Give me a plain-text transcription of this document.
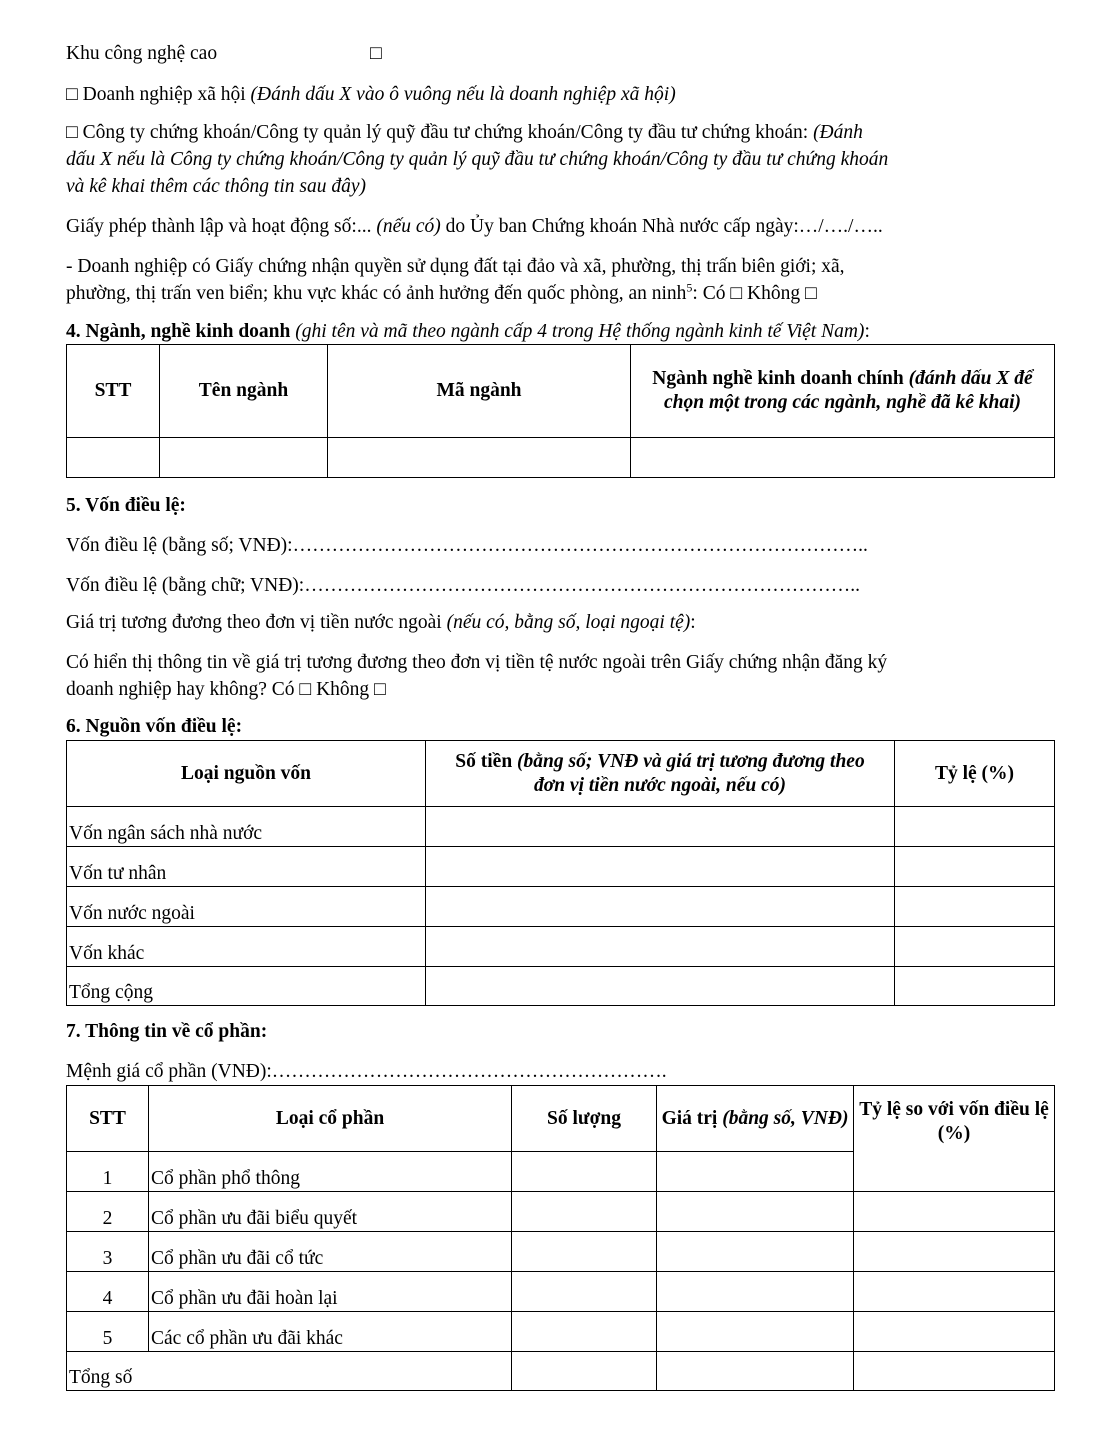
Khu công nghệ cao	□

□ Doanh nghiệp xã hội (Đánh dấu X vào ô vuông nếu là doanh nghiệp xã hội)

□ Công ty chứng khoán/Công ty quản lý quỹ đầu tư chứng khoán/Công ty đầu tư chứng khoán: (Đánh

dấu X nếu là Công ty chứng khoán/Công ty quản lý quỹ đầu tư chứng khoán/Công ty đầu tư chứng khoán

và kê khai thêm các thông tin sau đây)

Giấy phép thành lập và hoạt động số:... (nếu có) do Ủy ban Chứng khoán Nhà nước cấp ngày:…/…./…..

- Doanh nghiệp có Giấy chứng nhận quyền sử dụng đất tại đảo và xã, phường, thị trấn biên giới; xã,

phường, thị trấn ven biển; khu vực khác có ảnh hưởng đến quốc phòng, an ninh$^5$: Có □ Không □

4. Ngành, nghề kinh doanh (ghi tên và mã theo ngành cấp 4 trong Hệ thống ngành kinh tế Việt Nam):

STT	Tên ngành	Mã ngành	Ngành nghề kinh doanh chính (đánh dấu X để chọn một trong các ngành, nghề đã kê khai)

5. Vốn điều lệ:

Vốn điều lệ (bằng số; VNĐ):……………………………………………………………………………..

Vốn điều lệ (bằng chữ; VNĐ):…………………………………………………………………………..

Giá trị tương đương theo đơn vị tiền nước ngoài (nếu có, bằng số, loại ngoại tệ):

Có hiển thị thông tin về giá trị tương đương theo đơn vị tiền tệ nước ngoài trên Giấy chứng nhận đăng ký

doanh nghiệp hay không? Có □ Không □

6. Nguồn vốn điều lệ:

Loại nguồn vốn	Số tiền (bằng số; VNĐ và giá trị tương đương theo đơn vị tiền nước ngoài, nếu có)	Tỷ lệ (%)
Vốn ngân sách nhà nước		
Vốn tư nhân		
Vốn nước ngoài		
Vốn khác		
Tổng cộng		

7. Thông tin về cổ phần:

Mệnh giá cổ phần (VNĐ):…………………………………………………….

STT	Loại cổ phần	Số lượng	Giá trị (bằng số, VNĐ)	Tỷ lệ so với vốn điều lệ (%)
1	Cổ phần phổ thông			
2	Cổ phần ưu đãi biểu quyết			
3	Cổ phần ưu đãi cổ tức			
4	Cổ phần ưu đãi hoàn lại			
5	Các cổ phần ưu đãi khác			
Tổng số				
